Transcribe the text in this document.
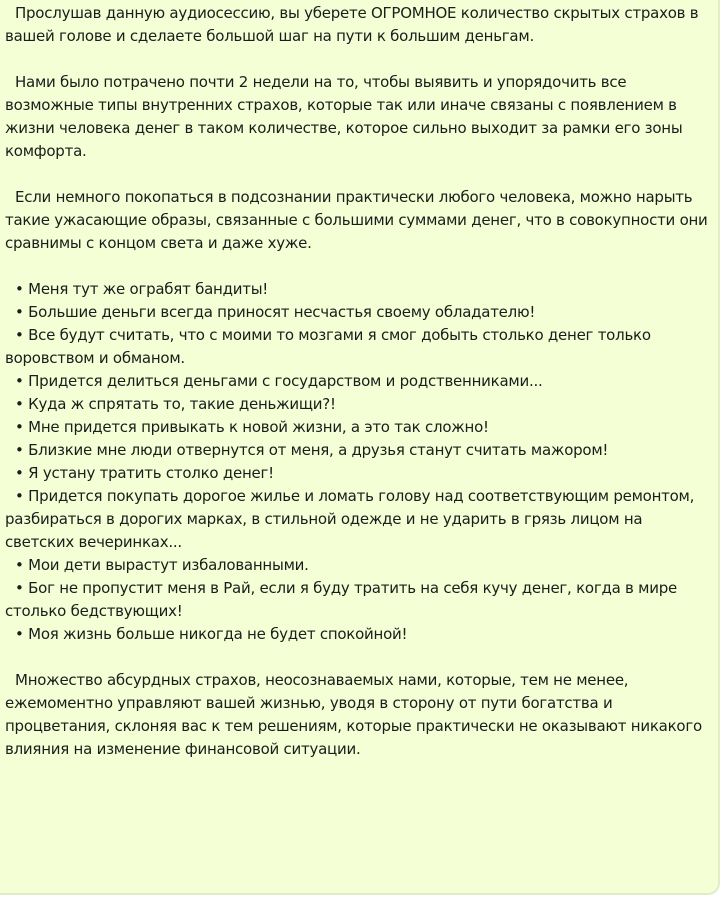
Прослушав данную аудиосессию, вы уберете ОГРОМНОЕ количество скрытых страхов в вашей голове и сделаете большой шаг на пути к большим деньгам.

Нами было потрачено почти 2 недели на то, чтобы выявить и упорядочить все возможные типы внутренних страхов, которые так или иначе связаны с появлением в жизни человека денег в таком количестве, которое сильно выходит за рамки его зоны комфорта.

Если немного покопаться в подсознании практически любого человека, можно нарыть такие ужасающие образы, связанные с большими суммами денег, что в совокупности они сравнимы с концом света и даже хуже.

• Меня тут же ограбят бандиты!
• Большие деньги всегда приносят несчастья своему обладателю!
• Все будут считать, что с моими то мозгами я смог добыть столько денег только воровством и обманом.
• Придется делиться деньгами с государством и родственниками...
• Куда ж спрятать то, такие деньжищи?!
• Мне придется привыкать к новой жизни, а это так сложно!
• Близкие мне люди отвернутся от меня, а друзья станут считать мажором!
• Я устану тратить столко денег!
• Придется покупать дорогое жилье и ломать голову над соответствующим ремонтом, разбираться в дорогих марках, в стильной одежде и не ударить в грязь лицом на светских вечеринках...
• Мои дети вырастут избалованными.
• Бог не пропустит меня в Рай, если я буду тратить на себя кучу денег, когда в мире столько бедствующих!
• Моя жизнь больше никогда не будет спокойной!

Множество абсурдных страхов, неосознаваемых нами, которые, тем не менее, ежемоментно управляют вашей жизнью, уводя в сторону от пути богатства и процветания, склоняя вас к тем решениям, которые практически не оказывают никакого влияния на изменение финансовой ситуации.
